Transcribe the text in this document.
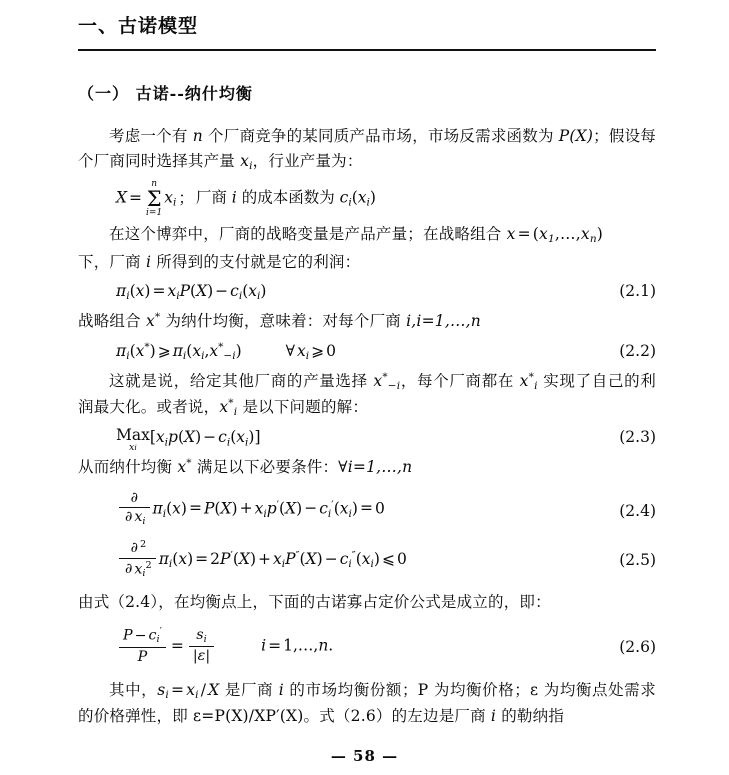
一、古诺模型
（一） 古诺--纳什均衡

考虑一个有 n 个厂商竞争的某同质产品市场，市场反需求函数为 P(X)；假设每个厂商同时选择其产量 $x_i$，行业产量为：

X =
n
Σ
i=1
$x_i$ ； 厂商 i 的成本函数为 $c_i(x_i)$

在这个博弈中，厂商的战略变量是产品产量；在战略组合 $x = (x_1,\dots,x_n)$

下，厂商 i 所得到的支付就是它的利润：

$\pi_i(x) = x_iP(X) - c_i(x_i)$	(2.1)

战略组合 x* 为纳什均衡，意味着：对每个厂商 i,i=1,…,n

$\pi_i(x^*)$ ⩾ $\pi_i(x_i,x^*_{-i})$	∀ $x_i$ ⩾ 0	(2.2)

这就是说，给定其他厂商的产量选择 $x^*_{-i}$，每个厂商都在 $x^*_i$ 实现了自己的利润最大化。或者说，$x^*_i$ 是以下问题的解：

Max
xi
$[x_ip(X) - c_i(x_i)]$	(2.3)

从而纳什均衡 x* 满足以下必要条件：∀i=1,…,n

$\frac{\partial}{\partial x_i} \pi_i(x) = P(X) + x_ip'(X) - c_i'(x_i) = 0$	(2.4)
$\frac{\partial ^2}{\partial x_i^2} \pi_i(x) = 2P'(X) + x_iP''(X) - c_i''(x_i)$ ⩽ 0	(2.5)

由式（2.4），在均衡点上，下面的古诺寡占定价公式是成立的，即：

$\frac{P - c_i'}{P} = \frac{s_i}{|\varepsilon|}$	i = 1,…,n.	(2.6)

其中，$s_i = x_i / X$ 是厂商 i 的市场均衡份额；P 为均衡价格；ε 为均衡点处需求的价格弹性，即 ε=P(X)/XP′(X)。式（2.6）的左边是厂商 i 的勒纳指

— 58 —
